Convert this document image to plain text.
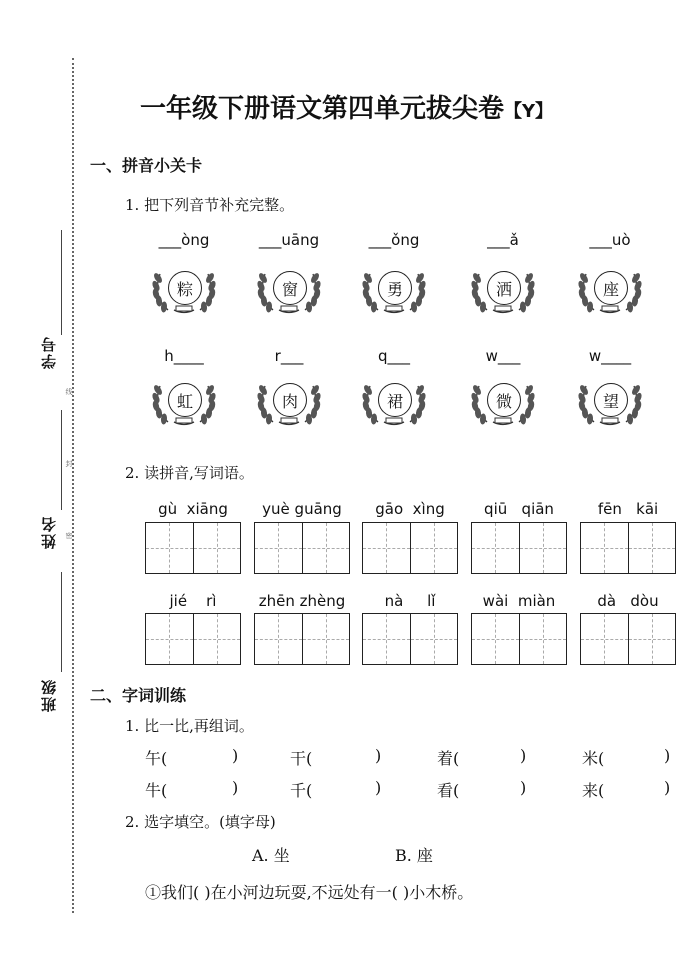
学号
姓名
班级
线
封
密
一年级下册语文第四单元拔尖卷【Y】
一、拼音小关卡
1. 把下列音节补充完整。
___òng
粽
___uāng
窗
___ǒng
勇
___ǎ
洒
___uò
座
h____
虹
r___
肉
q___
裙
w___
微
w____
望
2. 读拼音,写词语。
gù  xiāng	yuè guāng	gāo  xìng	qiū   qiān	fēn   kāi
jié    rì	zhēn zhèng	nà     lǐ	wài  miàn	dà   dòu
二、字词训练
1. 比一比,再组词。
午(	)	干(	)	着(	)	米(	)
牛(	)	千(	)	看(	)	来(	)
2. 选字填空。(填字母)
A. 坐	B. 座
①我们( )在小河边玩耍,不远处有一( )小木桥。
